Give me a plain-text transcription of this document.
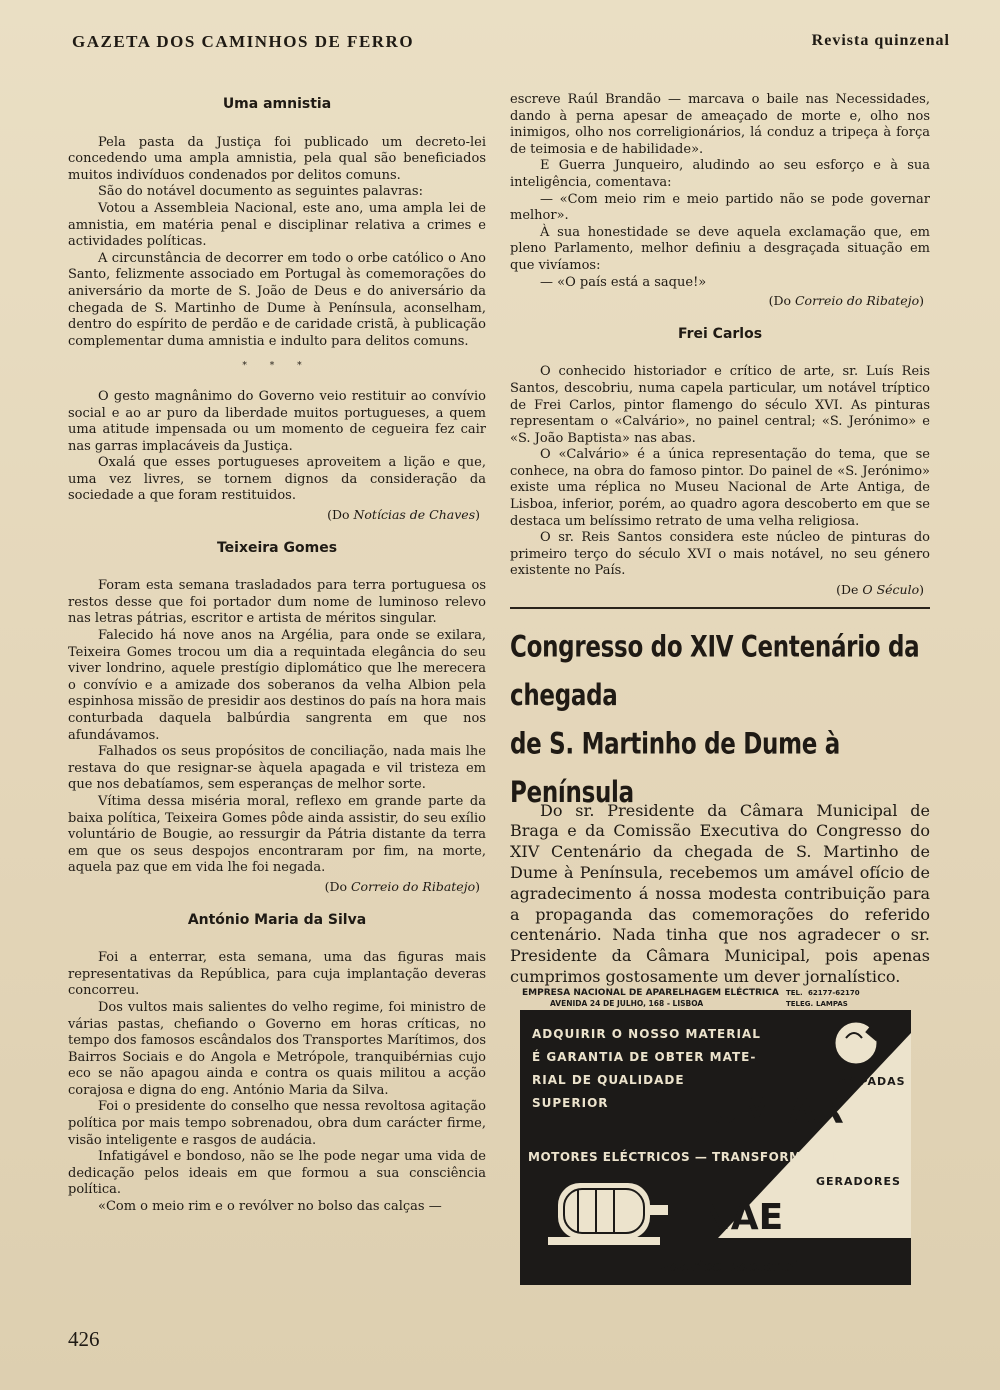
GAZETA DOS CAMINHOS DE FERRO	Revista quinzenal
Uma amnistia

Pela pasta da Justiça foi publicado um decreto-lei concedendo uma ampla amnistia, pela qual são beneficiados muitos indivíduos condenados por delitos comuns.

São do notável documento as seguintes palavras:

Votou a Assembleia Nacional, este ano, uma ampla lei de amnistia, em matéria penal e disciplinar relativa a crimes e actividades políticas.

A circunstância de decorrer em todo o orbe católico o Ano Santo, felizmente associado em Portugal às comemorações do aniversário da morte de S. João de Deus e do aniversário da chegada de S. Martinho de Dume à Península, aconselham, dentro do espírito de perdão e de caridade cristã, à publicação complementar duma amnistia e indulto para delitos comuns.

* * *

O gesto magnânimo do Governo veio restituir ao convívio social e ao ar puro da liberdade muitos portugueses, a quem uma atitude impensada ou um momento de cegueira fez cair nas garras implacáveis da Justiça.

Oxalá que esses portugueses aproveitem a lição e que, uma vez livres, se tornem dignos da consideração da sociedade a que foram restituidos.

(Do Notícias de Chaves)
Teixeira Gomes

Foram esta semana trasladados para terra portuguesa os restos desse que foi portador dum nome de luminoso relevo nas letras pátrias, escritor e artista de méritos singular.

Falecido há nove anos na Argélia, para onde se exilara, Teixeira Gomes trocou um dia a requintada elegância do seu viver londrino, aquele prestígio diplomático que lhe merecera o convívio e a amizade dos soberanos da velha Albion pela espinhosa missão de presidir aos destinos do país na hora mais conturbada daquela balbúrdia sangrenta em que nos afundávamos.

Falhados os seus propósitos de conciliação, nada mais lhe restava do que resignar-se àquela apagada e vil tristeza em que nos debatíamos, sem esperanças de melhor sorte.

Vítima dessa miséria moral, reflexo em grande parte da baixa política, Teixeira Gomes pôde ainda assistir, do seu exílio voluntário de Bougie, ao ressurgir da Pátria distante da terra em que os seus despojos encontraram por fim, na morte, aquela paz que em vida lhe foi negada.

(Do Correio do Ribatejo)
António Maria da Silva

Foi a enterrar, esta semana, uma das figuras mais representativas da República, para cuja implantação deveras concorreu.

Dos vultos mais salientes do velho regime, foi ministro de várias pastas, chefiando o Governo em horas críticas, no tempo dos famosos escândalos dos Transportes Marítimos, dos Bairros Sociais e do Angola e Metrópole, tranquibérnias cujo eco se não apagou ainda e contra os quais militou a acção corajosa e digna do eng. António Maria da Silva.

Foi o presidente do conselho que nessa revoltosa agitação política por mais tempo sobrenadou, obra dum carácter firme, visão inteligente e rasgos de audácia.

Infatigável e bondoso, não se lhe pode negar uma vida de dedicação pelos ideais em que formou a sua consciência política.

«Com o meio rim e o revólver no bolso das calças —

escreve Raúl Brandão — marcava o baile nas Necessidades, dando à perna apesar de ameaçado de morte e, olho nos inimigos, olho nos correligionários, lá conduz a tripeça à força de teimosia e de habilidade».

E Guerra Junqueiro, aludindo ao seu esforço e à sua inteligência, comentava:

— «Com meio rim e meio partido não se pode governar melhor».

À sua honestidade se deve aquela exclamação que, em pleno Parlamento, melhor definiu a desgraçada situação em que vivíamos:

— «O país está a saque!»

(Do Correio do Ribatejo)
Frei Carlos

O conhecido historiador e crítico de arte, sr. Luís Reis Santos, descobriu, numa capela particular, um notável tríptico de Frei Carlos, pintor flamengo do século XVI. As pinturas representam o «Calvário», no painel central; «S. Jerónimo» e «S. João Baptista» nas abas.

O «Calvário» é a única representação do tema, que se conhece, na obra do famoso pintor. Do painel de «S. Jerónimo» existe uma réplica no Museu Nacional de Arte Antiga, de Lisboa, inferior, porém, ao quadro agora descoberto em que se destaca um belíssimo retrato de uma velha religiosa.

O sr. Reis Santos considera este núcleo de pinturas do primeiro terço do século XVI o mais notável, no seu género existente no País.

(De O Século)
Congresso do XIV Centenário da chegada
de S. Martinho de Dume à Península

Do sr. Presidente da Câmara Municipal de Braga e da Comissão Executiva do Congresso do XIV Centenário da chegada de S. Martinho de Dume à Península, recebemos um amável ofício de agradecimento á nossa modesta contribuição para a propaganda das comemorações do referido centenário. Nada tinha que nos agradecer o sr. Presidente da Câmara Municipal, pois apenas cumprimos gostosamente um dever jornalístico.

EMPRESA NACIONAL DE APARELHAGEM ELÉCTRICA TEL. 62177-62170
AVENIDA 24 DE JULHO, 168 - LISBOA	TELEG. LAMPAS
ADQUIRIR O NOSSO MATERIAL
É GARANTIA DE OBTER MATE-
RIAL DE QUALIDADE
SUPERIOR
LÂMPADAS
LUMIAR
MOTORES ELÉCTRICOS — TRANSFORMADORES
GERADORES
ENAE
Fabrico nacional
426
